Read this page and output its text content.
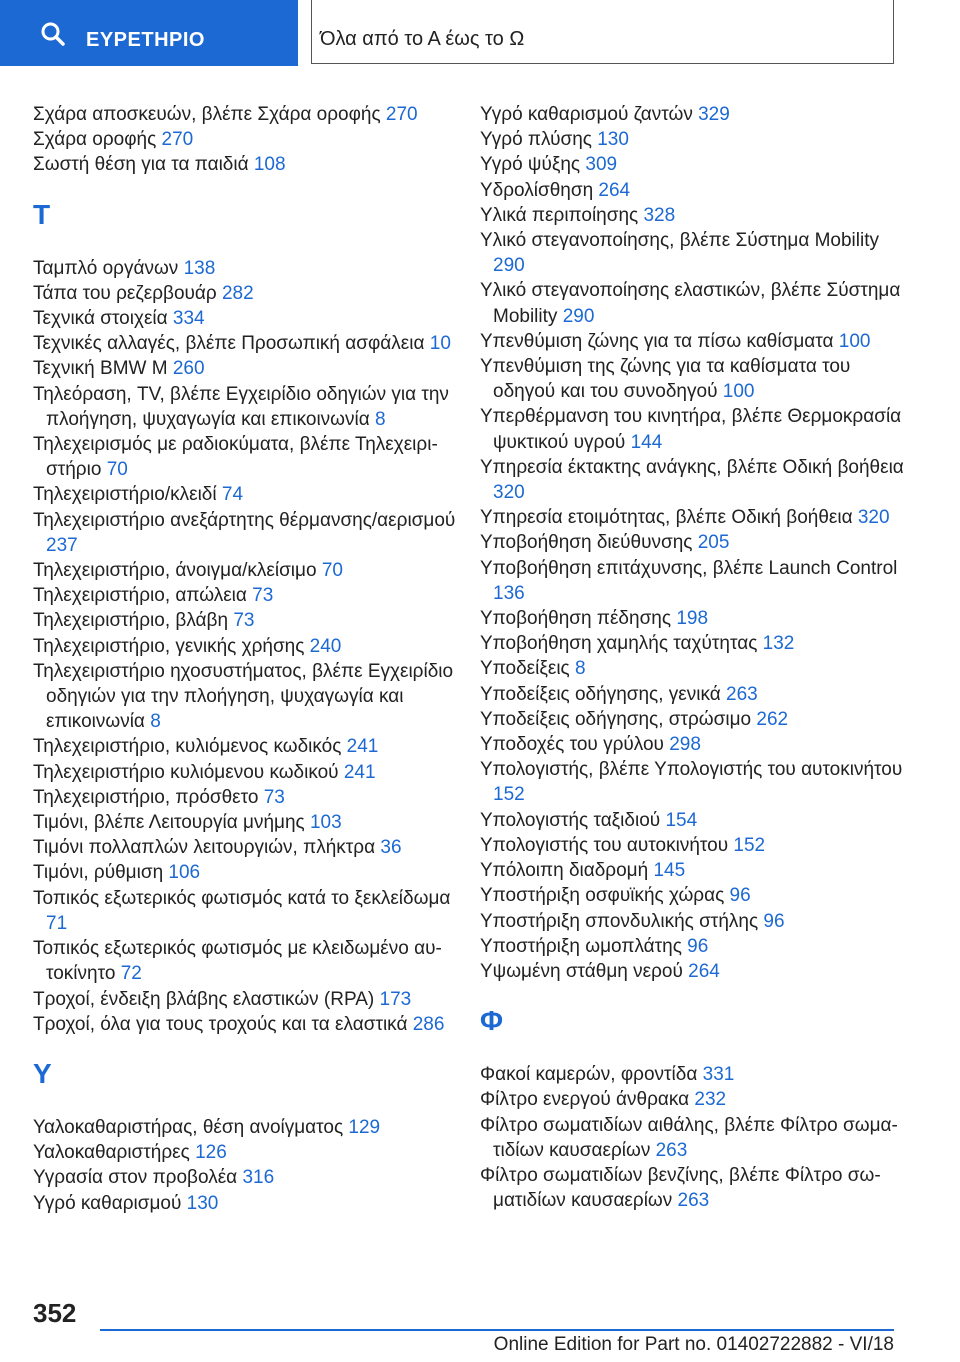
ΕΥΡΕΤΗΡΙΟ	Όλα από το Α έως το Ω
Σχάρα αποσκευών, βλέπε Σχάρα οροφής 270
Σχάρα οροφής 270
Σωστή θέση για τα παιδιά 108
Τ
Ταμπλό οργάνων 138
Τάπα του ρεζερβουάρ 282
Τεχνικά στοιχεία 334
Τεχνικές αλλαγές, βλέπε Προσωπική ασφάλεια 10
Τεχνική BMW M 260
Τηλεόραση, TV, βλέπε Εγχειρίδιο οδηγιών για την πλοήγηση, ψυχαγωγία και επικοινωνία 8
Τηλεχειρισμός με ραδιοκύματα, βλέπε Τηλεχειριστήριο 70
Τηλεχειριστήριο/κλειδί 74
Τηλεχειριστήριο ανεξάρτητης θέρμανσης/αερισμού 237
Τηλεχειριστήριο, άνοιγμα/κλείσιμο 70
Τηλεχειριστήριο, απώλεια 73
Τηλεχειριστήριο, βλάβη 73
Τηλεχειριστήριο, γενικής χρήσης 240
Τηλεχειριστήριο ηχοσυστήματος, βλέπε Εγχειρίδιο οδηγιών για την πλοήγηση, ψυχαγωγία και επικοινωνία 8
Τηλεχειριστήριο, κυλιόμενος κωδικός 241
Τηλεχειριστήριο κυλιόμενου κωδικού 241
Τηλεχειριστήριο, πρόσθετο 73
Τιμόνι, βλέπε Λειτουργία μνήμης 103
Τιμόνι πολλαπλών λειτουργιών, πλήκτρα 36
Τιμόνι, ρύθμιση 106
Τοπικός εξωτερικός φωτισμός κατά το ξεκλείδωμα 71
Τοπικός εξωτερικός φωτισμός με κλειδωμένο αυτοκίνητο 72
Τροχοί, ένδειξη βλάβης ελαστικών (RPA) 173
Τροχοί, όλα για τους τροχούς και τα ελαστικά 286
Υ
Υαλοκαθαριστήρας, θέση ανοίγματος 129
Υαλοκαθαριστήρες 126
Υγρασία στον προβολέα 316
Υγρό καθαρισμού 130
Υγρό καθαρισμού ζαντών 329
Υγρό πλύσης 130
Υγρό ψύξης 309
Υδρολίσθηση 264
Υλικά περιποίησης 328
Υλικό στεγανοποίησης, βλέπε Σύστημα Mobility 290
Υλικό στεγανοποίησης ελαστικών, βλέπε Σύστημα Mobility 290
Υπενθύμιση ζώνης για τα πίσω καθίσματα 100
Υπενθύμιση της ζώνης για τα καθίσματα του οδηγού και του συνοδηγού 100
Υπερθέρμανση του κινητήρα, βλέπε Θερμοκρασία ψυκτικού υγρού 144
Υπηρεσία έκτακτης ανάγκης, βλέπε Οδική βοήθεια 320
Υπηρεσία ετοιμότητας, βλέπε Οδική βοήθεια 320
Υποβοήθηση διεύθυνσης 205
Υποβοήθηση επιτάχυνσης, βλέπε Launch Control 136
Υποβοήθηση πέδησης 198
Υποβοήθηση χαμηλής ταχύτητας 132
Υποδείξεις 8
Υποδείξεις οδήγησης, γενικά 263
Υποδείξεις οδήγησης, στρώσιμο 262
Υποδοχές του γρύλου 298
Υπολογιστής, βλέπε Υπολογιστής του αυτοκινήτου 152
Υπολογιστής ταξιδιού 154
Υπολογιστής του αυτοκινήτου 152
Υπόλοιπη διαδρομή 145
Υποστήριξη οσφυϊκής χώρας 96
Υποστήριξη σπονδυλικής στήλης 96
Υποστήριξη ωμοπλάτης 96
Υψωμένη στάθμη νερού 264
Φ
Φακοί καμερών, φροντίδα 331
Φίλτρο ενεργού άνθρακα 232
Φίλτρο σωματιδίων αιθάλης, βλέπε Φίλτρο σωματιδίων καυσαερίων 263
Φίλτρο σωματιδίων βενζίνης, βλέπε Φίλτρο σωματιδίων καυσαερίων 263
352
Online Edition for Part no. 01402722882 - VI/18
